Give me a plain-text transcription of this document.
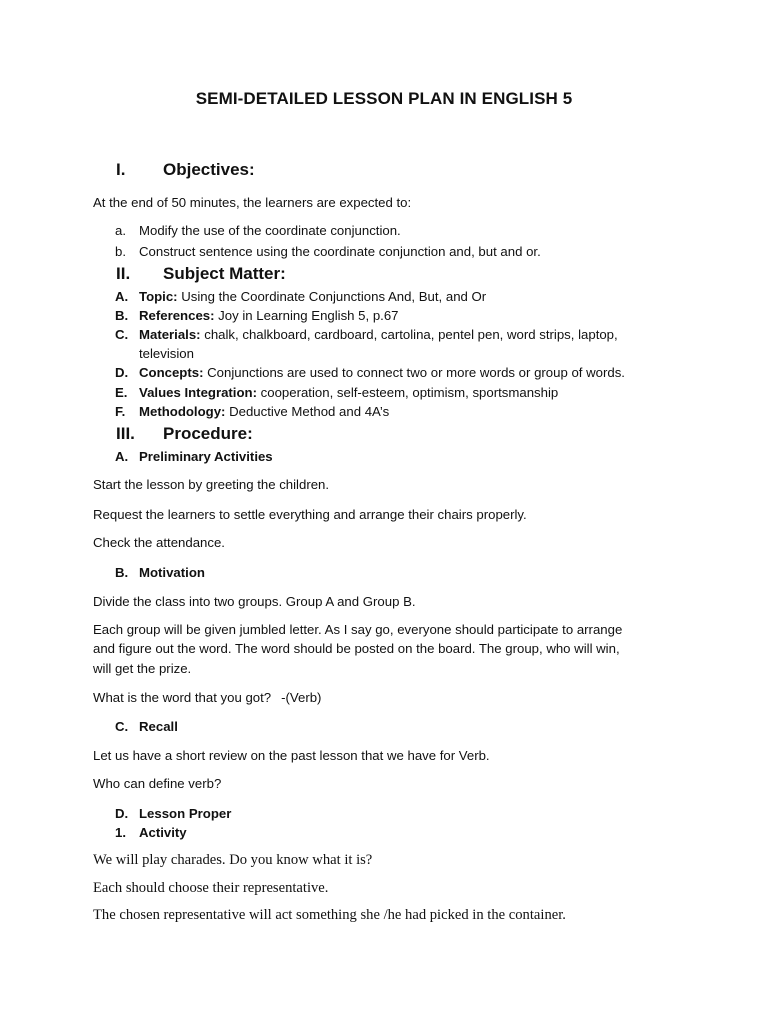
SEMI-DETAILED LESSON PLAN IN ENGLISH 5
I. Objectives:
At the end of 50 minutes, the learners are expected to:
a. Modify the use of the coordinate conjunction.
b. Construct sentence using the coordinate conjunction and, but and or.
II. Subject Matter:
A. Topic: Using the Coordinate Conjunctions And, But, and Or
B. References: Joy in Learning English 5, p.67
C. Materials: chalk, chalkboard, cardboard, cartolina, pentel pen, word strips, laptop,
television
D. Concepts: Conjunctions are used to connect two or more words or group of words.
E. Values Integration: cooperation, self-esteem, optimism, sportsmanship
F. Methodology: Deductive Method and 4A’s
III. Procedure:
A. Preliminary Activities
Start the lesson by greeting the children.
Request the learners to settle everything and arrange their chairs properly.
Check the attendance.
B. Motivation
Divide the class into two groups. Group A and Group B.
Each group will be given jumbled letter. As I say go, everyone should participate to arrange
and figure out the word. The word should be posted on the board. The group, who will win,
will get the prize.
What is the word that you got? -(Verb)
C. Recall
Let us have a short review on the past lesson that we have for Verb.
Who can define verb?
D. Lesson Proper
1. Activity
We will play charades. Do you know what it is?
Each should choose their representative.
The chosen representative will act something she /he had picked in the container.
